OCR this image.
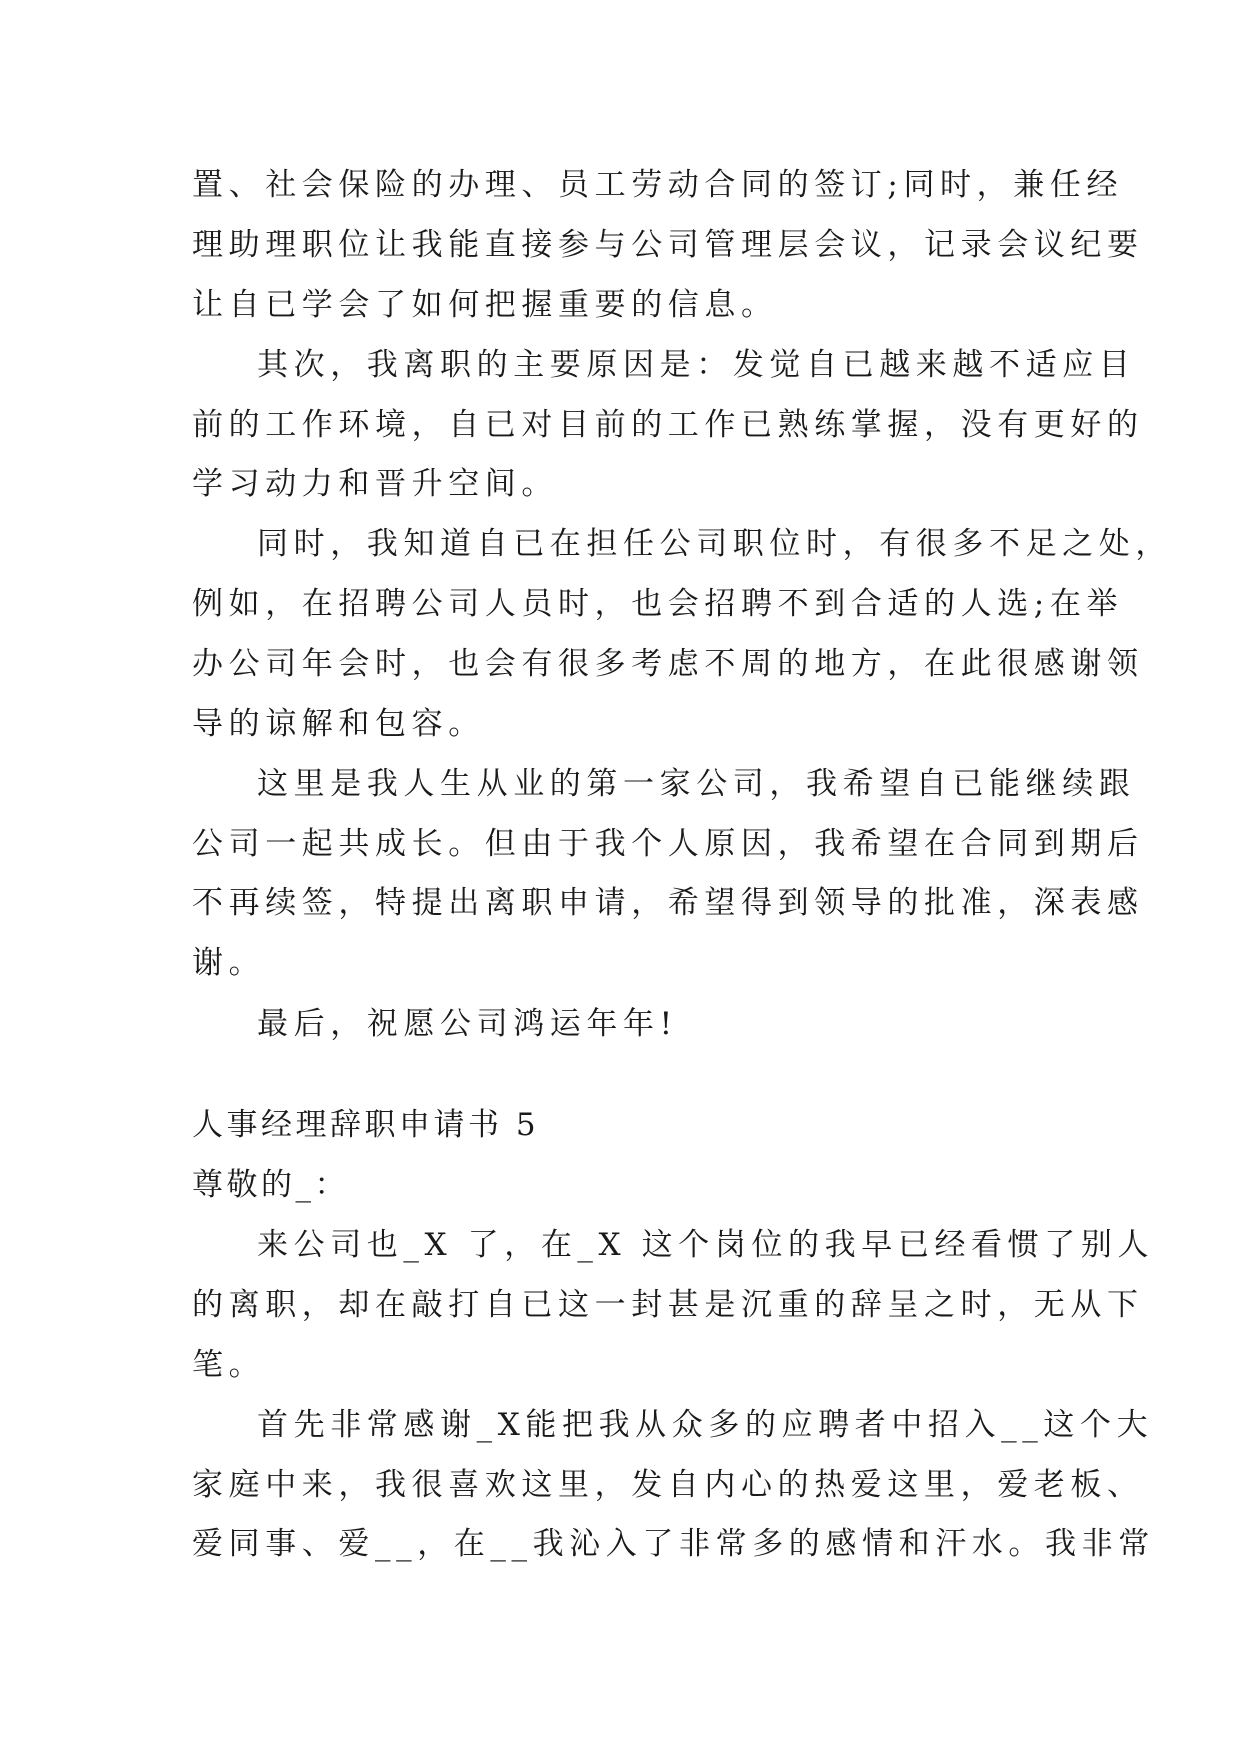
置、社会保险的办理、员工劳动合同的签订;同时，兼任经
理助理职位让我能直接参与公司管理层会议，记录会议纪要
让自已学会了如何把握重要的信息。
其次，我离职的主要原因是：发觉自已越来越不适应目
前的工作环境，自已对目前的工作已熟练掌握，没有更好的
学习动力和晋升空间。
同时，我知道自已在担任公司职位时，有很多不足之处，
例如，在招聘公司人员时，也会招聘不到合适的人选;在举
办公司年会时，也会有很多考虑不周的地方，在此很感谢领
导的谅解和包容。
这里是我人生从业的第一家公司，我希望自已能继续跟
公司一起共成长。但由于我个人原因，我希望在合同到期后
不再续签，特提出离职申请，希望得到领导的批准，深表感
谢。
最后，祝愿公司鸿运年年!
人事经理辞职申请书 5
尊敬的_：
来公司也_X 了，在_X 这个岗位的我早已经看惯了别人
的离职，却在敲打自已这一封甚是沉重的辞呈之时，无从下
笔。
首先非常感谢_X能把我从众多的应聘者中招入__这个大
家庭中来，我很喜欢这里，发自内心的热爱这里，爱老板、
爱同事、爱__，在__我沁入了非常多的感情和汗水。我非常
